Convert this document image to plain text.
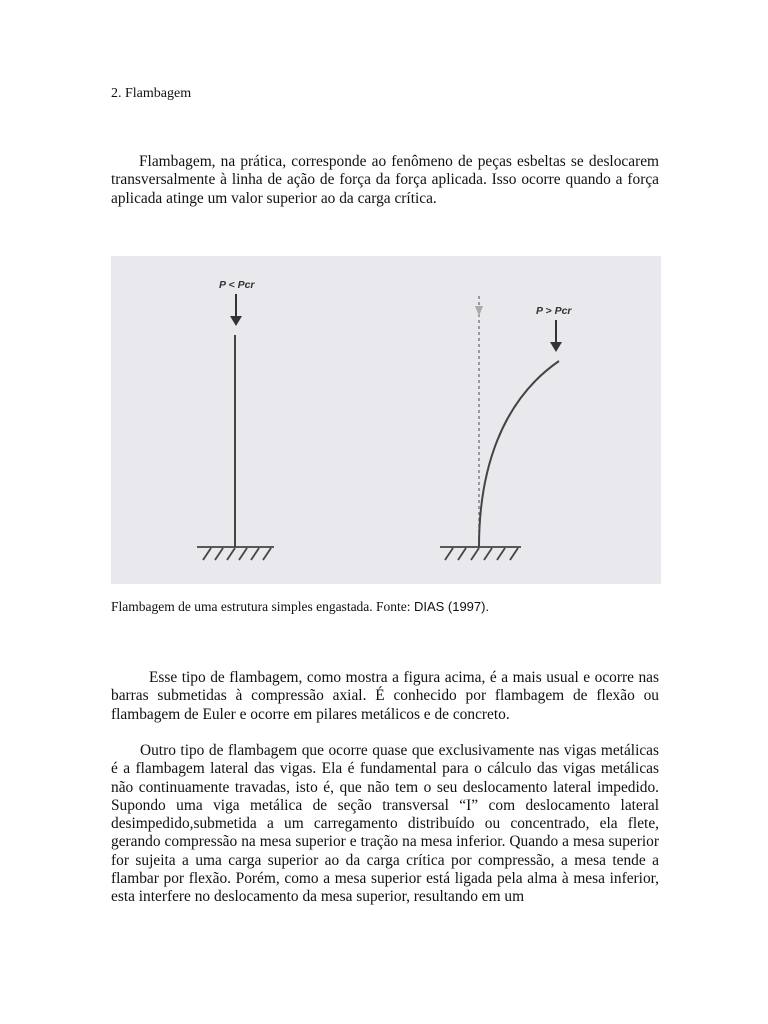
2. Flambagem

Flambagem, na prática, corresponde ao fenômeno de peças esbeltas se deslocarem transversalmente à linha de ação de força da força aplicada. Isso ocorre quando a força aplicada atinge um valor superior ao da carga crítica.

P < Pcr
P > Pcr
Flambagem de uma estrutura simples engastada. Fonte: DIAS (1997).

Esse tipo de flambagem, como mostra a figura acima, é a mais usual e ocorre nas barras submetidas à compressão axial. É conhecido por flambagem de flexão ou flambagem de Euler e ocorre em pilares metálicos e de concreto.

Outro tipo de flambagem que ocorre quase que exclusivamente nas vigas metálicas é a flambagem lateral das vigas. Ela é fundamental para o cálculo das vigas metálicas não continuamente travadas, isto é, que não tem o seu deslocamento lateral impedido. Supondo uma viga metálica de seção transversal “I” com deslocamento lateral desimpedido,submetida a um carregamento distribuído ou concentrado, ela flete, gerando compressão na mesa superior e tração na mesa inferior. Quando a mesa superior for sujeita a uma carga superior ao da carga crítica por compressão, a mesa tende a flambar por flexão. Porém, como a mesa superior está ligada pela alma à mesa inferior, esta interfere no deslocamento da mesa superior, resultando em um
